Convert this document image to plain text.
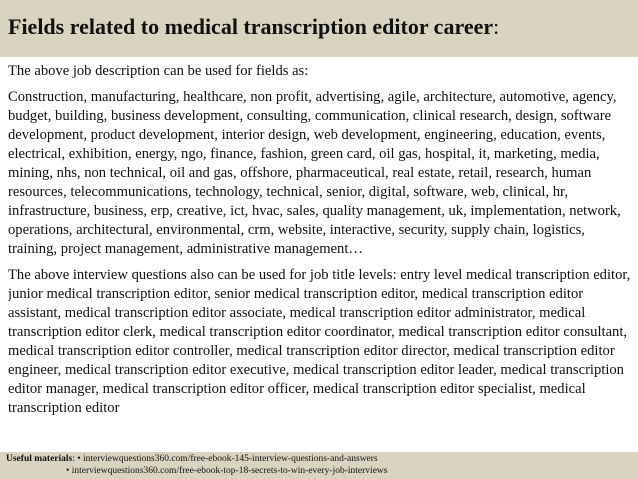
Fields related to medical transcription editor career:

The above job description can be used for fields as:

Construction, manufacturing, healthcare, non profit, advertising, agile, architecture, automotive, agency, budget, building, business development, consulting, communication, clinical research, design, software development, product development, interior design, web development, engineering, education, events, electrical, exhibition, energy, ngo, finance, fashion, green card, oil gas, hospital, it, marketing, media, mining, nhs, non technical, oil and gas, offshore, pharmaceutical, real estate, retail, research, human resources, telecommunications, technology, technical, senior, digital, software, web, clinical, hr, infrastructure, business, erp, creative, ict, hvac, sales, quality management, uk, implementation, network, operations, architectural, environmental, crm, website, interactive, security, supply chain, logistics, training, project management, administrative management…

The above interview questions also can be used for job title levels: entry level medical transcription editor, junior medical transcription editor, senior medical transcription editor, medical transcription editor assistant, medical transcription editor associate, medical transcription editor administrator, medical transcription editor clerk, medical transcription editor coordinator, medical transcription editor consultant, medical transcription editor controller, medical transcription editor director, medical transcription editor engineer, medical transcription editor executive, medical transcription editor leader, medical transcription editor manager, medical transcription editor officer, medical transcription editor specialist, medical transcription editor

Useful materials: • interviewquestions360.com/free-ebook-145-interview-questions-and-answers
• interviewquestions360.com/free-ebook-top-18-secrets-to-win-every-job-interviews
